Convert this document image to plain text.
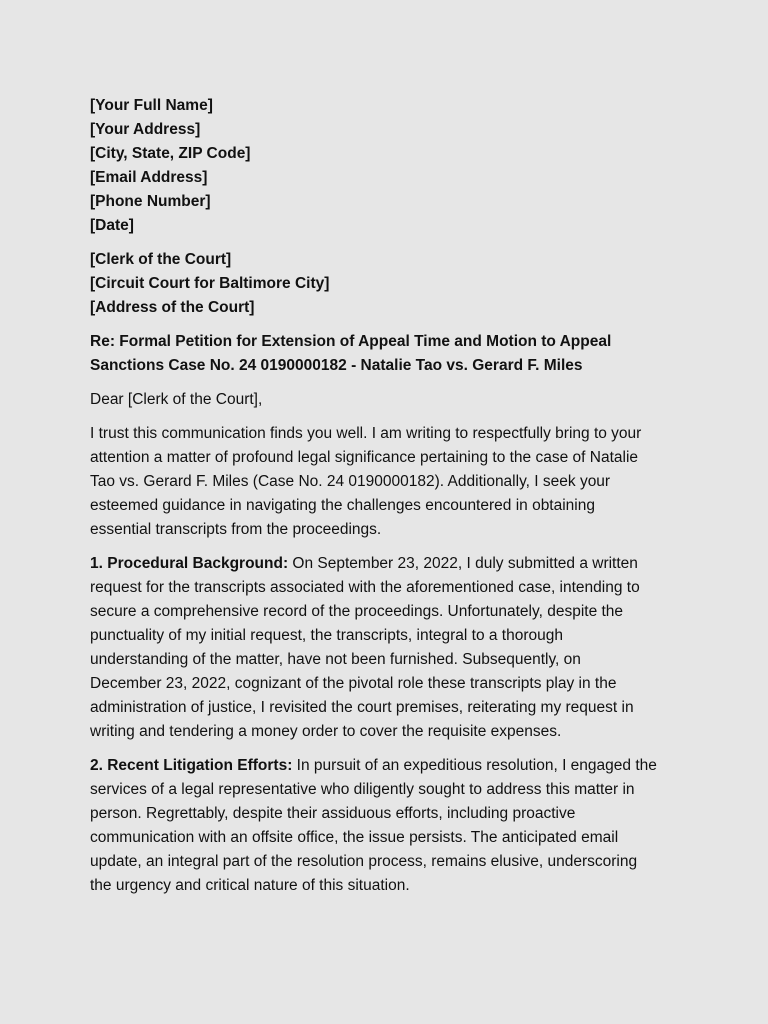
[Your Full Name]
[Your Address]
[City, State, ZIP Code]
[Email Address]
[Phone Number]
[Date]
[Clerk of the Court]
[Circuit Court for Baltimore City]
[Address of the Court]
Re: Formal Petition for Extension of Appeal Time and Motion to Appeal
Sanctions Case No. 24 0190000182 - Natalie Tao vs. Gerard F. Miles
Dear [Clerk of the Court],
I trust this communication finds you well. I am writing to respectfully bring to your
attention a matter of profound legal significance pertaining to the case of Natalie
Tao vs. Gerard F. Miles (Case No. 24 0190000182). Additionally, I seek your
esteemed guidance in navigating the challenges encountered in obtaining
essential transcripts from the proceedings.
1. Procedural Background: On September 23, 2022, I duly submitted a written
request for the transcripts associated with the aforementioned case, intending to
secure a comprehensive record of the proceedings. Unfortunately, despite the
punctuality of my initial request, the transcripts, integral to a thorough
understanding of the matter, have not been furnished. Subsequently, on
December 23, 2022, cognizant of the pivotal role these transcripts play in the
administration of justice, I revisited the court premises, reiterating my request in
writing and tendering a money order to cover the requisite expenses.
2. Recent Litigation Efforts: In pursuit of an expeditious resolution, I engaged the
services of a legal representative who diligently sought to address this matter in
person. Regrettably, despite their assiduous efforts, including proactive
communication with an offsite office, the issue persists. The anticipated email
update, an integral part of the resolution process, remains elusive, underscoring
the urgency and critical nature of this situation.
